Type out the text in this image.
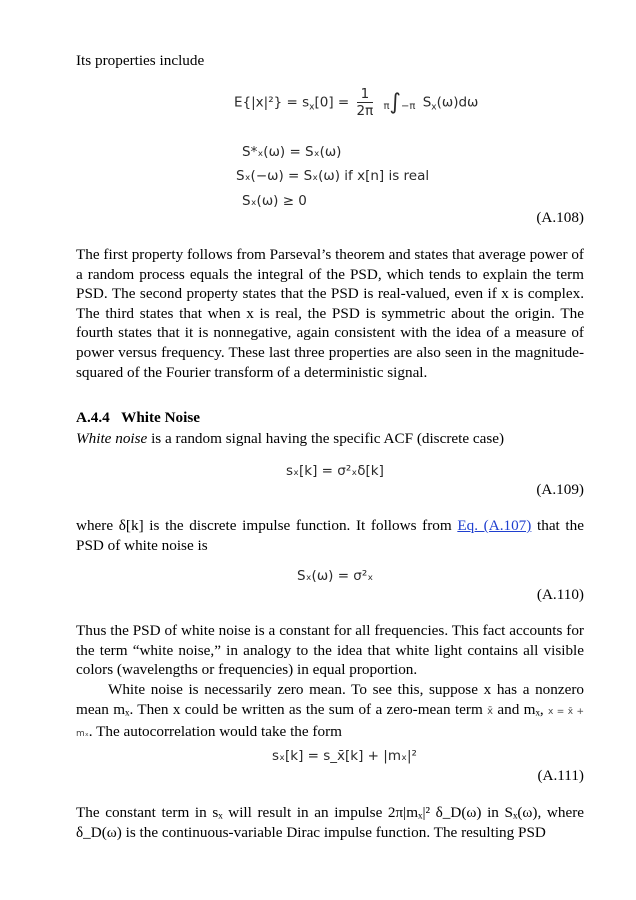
Its properties include

$E\{|x|^2\} = s_x[0] = \frac{1}{2\pi} \pi\int-\pi$ $S_x(\omega)d\omega$
S*ₓ(ω) = Sₓ(ω)
Sₓ(−ω) = Sₓ(ω) if x[n] is real
Sₓ(ω) ≥ 0
(A.108)

The first property follows from Parseval’s theorem and states that average power of a random process equals the integral of the PSD, which tends to explain the term PSD. The second property states that the PSD is real-valued, even if x is complex. The third states that when x is real, the PSD is symmetric about the origin. The fourth states that it is nonnegative, again consistent with the idea of a measure of power versus frequency. These last three properties are also seen in the magnitude-squared of the Fourier transform of a deterministic signal.

A.4.4 White Noise

White noise is a random signal having the specific ACF (discrete case)

sₓ[k] = σ²ₓδ[k]
(A.109)

where δ[k] is the discrete impulse function. It follows from Eq. (A.107) that the PSD of white noise is

Sₓ(ω) = σ²ₓ
(A.110)

Thus the PSD of white noise is a constant for all frequencies. This fact accounts for the term “white noise,” in analogy to the idea that white light contains all visible colors (wavelengths or frequencies) in equal proportion.

White noise is necessarily zero mean. To see this, suppose x has a nonzero mean mₓ. Then x could be written as the sum of a zero-mean term x̄ and mₓ, x = x̄ + mₓ. The autocorrelation would take the form

sₓ[k] = s_x̄[k] + |mₓ|²
(A.111)

The constant term in sₓ will result in an impulse 2π|mₓ|² δ_D(ω) in Sₓ(ω), where δ_D(ω) is the continuous-variable Dirac impulse function. The resulting PSD
